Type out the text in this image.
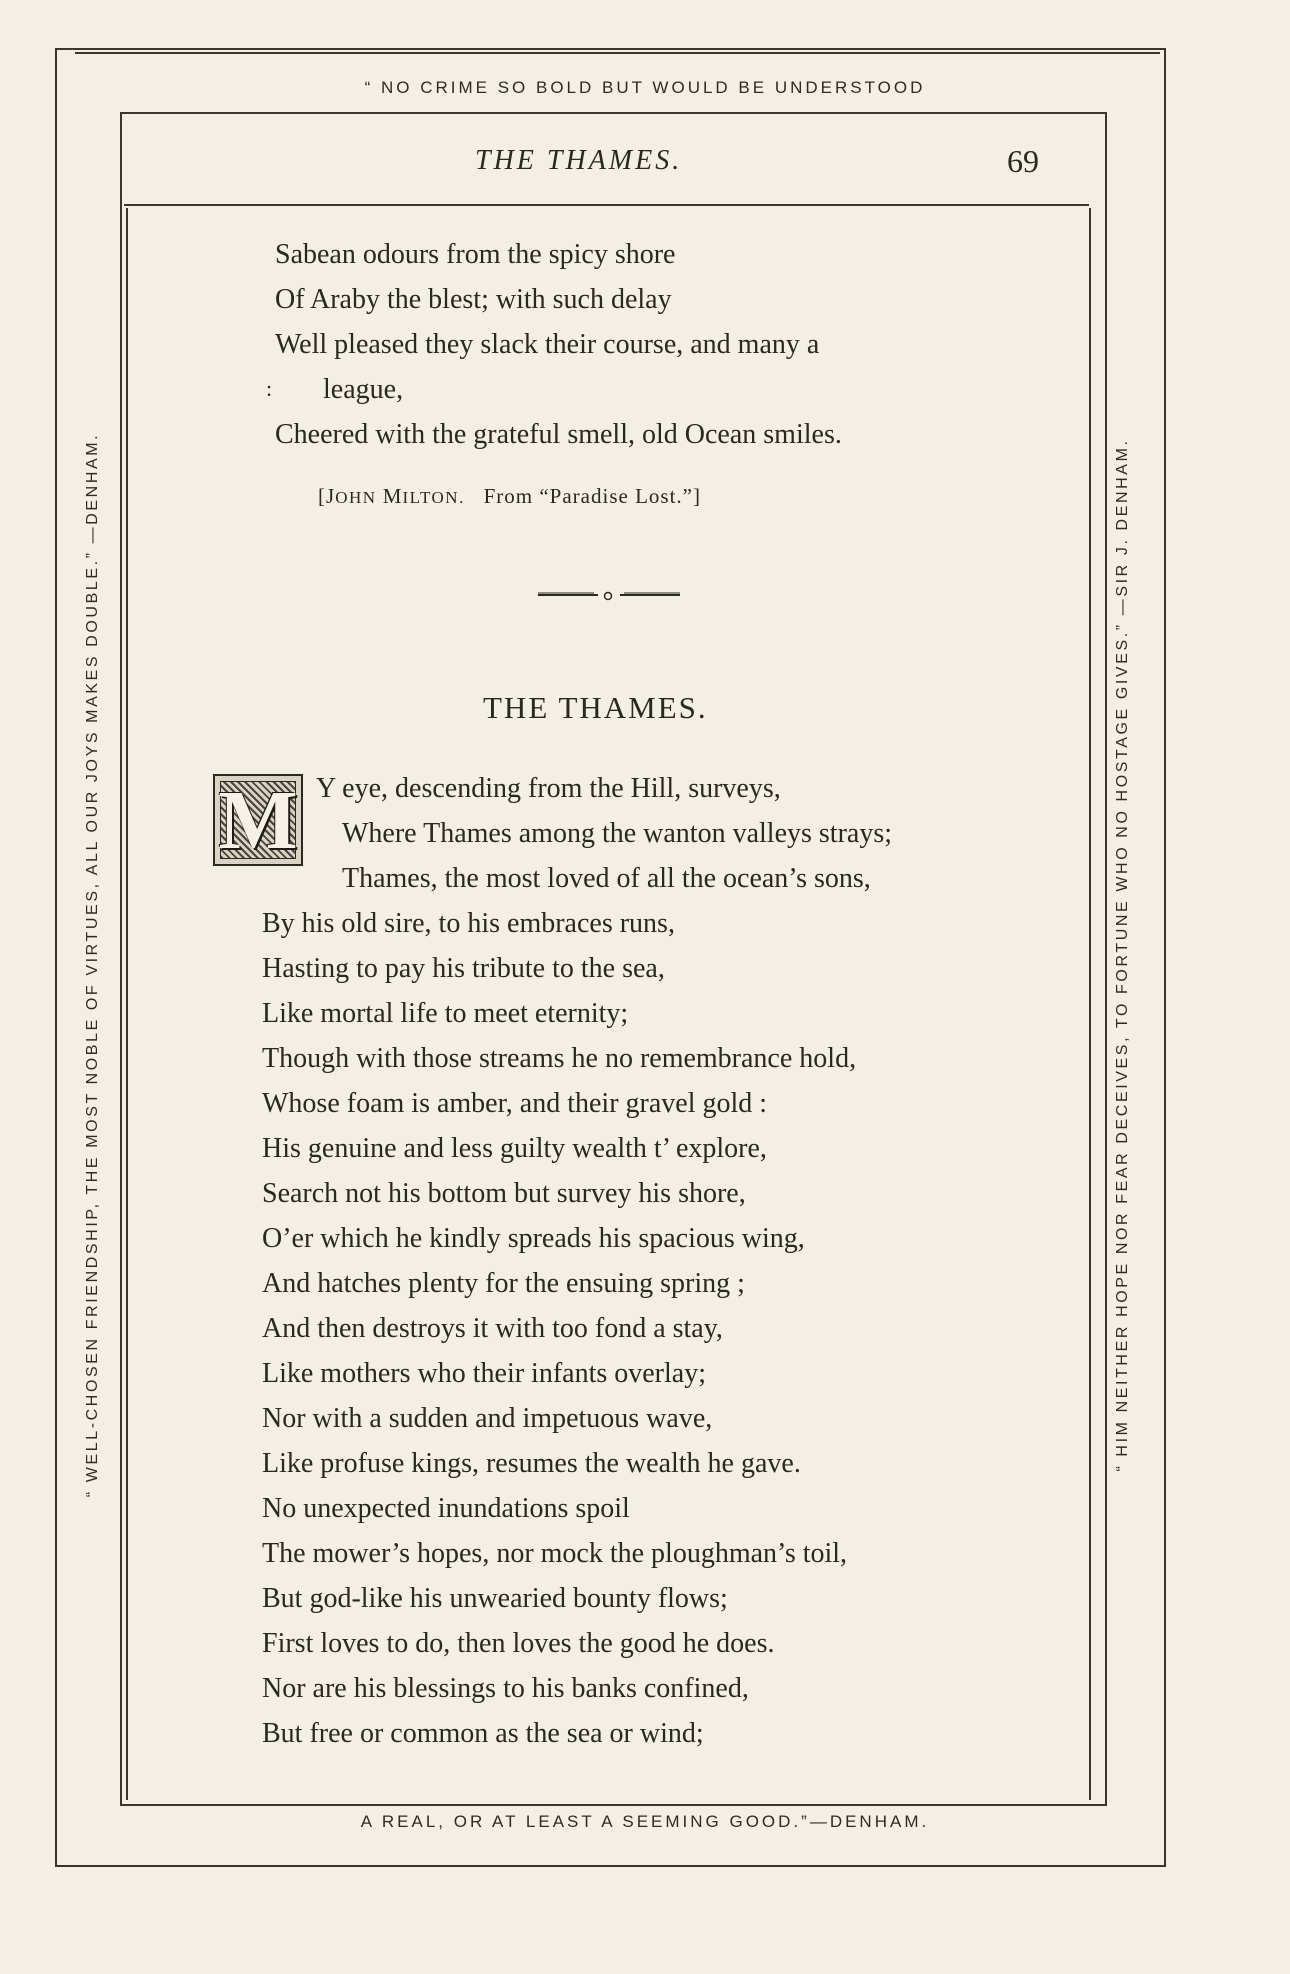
“ NO CRIME SO BOLD BUT WOULD BE UNDERSTOOD
A REAL, OR AT LEAST A SEEMING GOOD.”—DENHAM.
“ WELL-CHOSEN FRIENDSHIP, THE MOST NOBLE OF VIRTUES, ALL OUR JOYS MAKES DOUBLE.” —DENHAM.	“ HIM NEITHER HOPE NOR FEAR DECEIVES, TO FORTUNE WHO NO HOSTAGE GIVES.” —SIR J. DENHAM.
THE THAMES.	69
Sabean odours from the spicy shore
Of Araby the blest; with such delay
Well pleased they slack their course, and many a
league,
Cheered with the grateful smell, old Ocean smiles.
:
[JOHN MILTON. From “Paradise Lost.”]
THE THAMES.
M Y eye, descending from the Hill, surveys,
Where Thames among the wanton valleys strays;
Thames, the most loved of all the ocean’s sons,
By his old sire, to his embraces runs,
Hasting to pay his tribute to the sea,
Like mortal life to meet eternity;
Though with those streams he no remembrance hold,
Whose foam is amber, and their gravel gold :
His genuine and less guilty wealth t’ explore,
Search not his bottom but survey his shore,
O’er which he kindly spreads his spacious wing,
And hatches plenty for the ensuing spring ;
And then destroys it with too fond a stay,
Like mothers who their infants overlay;
Nor with a sudden and impetuous wave,
Like profuse kings, resumes the wealth he gave.
No unexpected inundations spoil
The mower’s hopes, nor mock the ploughman’s toil,
But god-like his unwearied bounty flows;
First loves to do, then loves the good he does.
Nor are his blessings to his banks confined,
But free or common as the sea or wind;
